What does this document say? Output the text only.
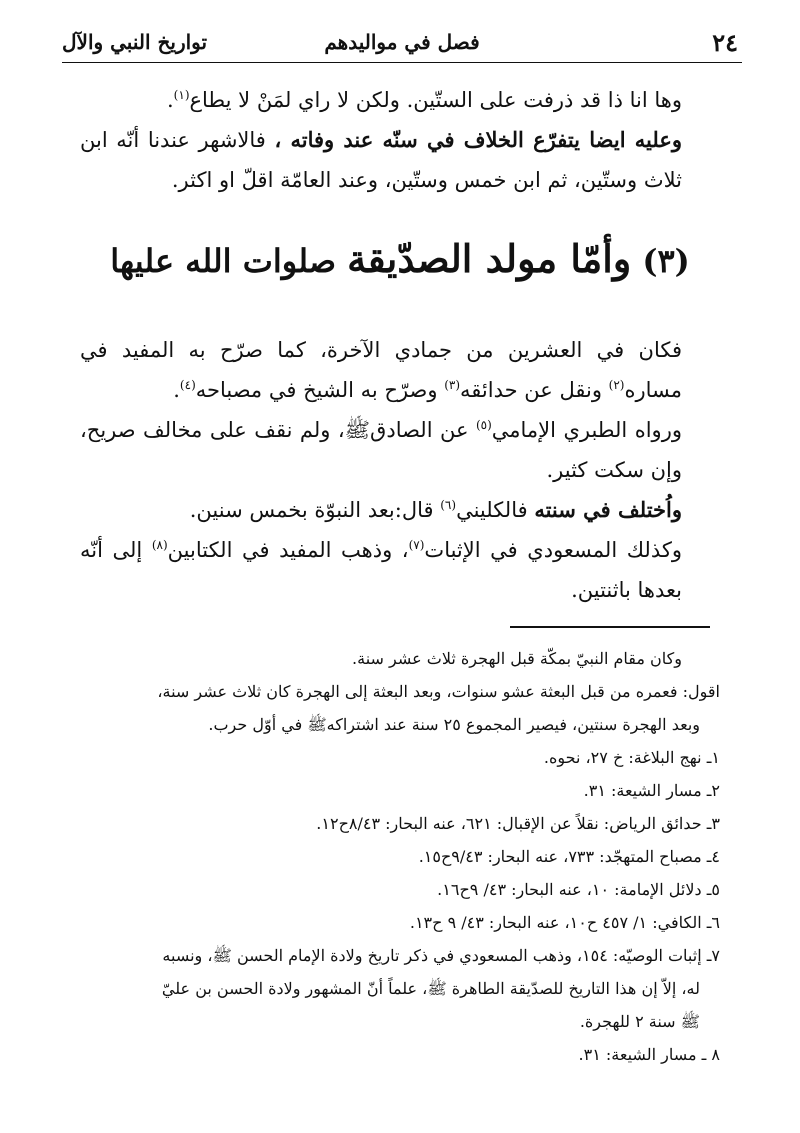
٢٤
فصل في مواليدهم
تواريخ النبي والآل

وها انا ذا قد ذرفت على الستّين. ولكن لا راي لمَنْ لا يطاع$^{(١)}$.

وعليه ايضا يتفرّع الخلاف في سنّه عند وفاته ، فالاشهر عندنا أنّه ابن ثلاث وستّين، ثم ابن خمس وستّين، وعند العامّة اقلّ او اكثر.

(٣) وأمّا مولد الصدّيقة صلوات الله عليها

فكان في العشرين من جمادي الآخرة، كما صرّح به المفيد في مساره$^{(٢)}$ ونقل عن حدائقه$^{(٣)}$ وصرّح به الشيخ في مصباحه$^{(٤)}$.

ورواه الطبري الإمامي$^{(٥)}$ عن الصادقﷺ، ولم نقف على مخالف صريح، وإن سكت كثير.

واُختلف في سنته فالكليني$^{(٦)}$ قال:بعد النبوّة بخمس سنين.

وكذلك المسعودي في الإثبات$^{(٧)}$، وذهب المفيد في الكتابين$^{(٨)}$ إلى أنّه بعدها باثنتين.

وكان مقام النبيّ بمكّة قبل الهجرة ثلاث عشر سنة.

اقول: فعمره من قبل البعثة عشو سنوات، وبعد البعثة إلى الهجرة كان ثلاث عشر سنة،

وبعد الهجرة سنتين، فيصير المجموع ٢٥ سنة عند اشتراكهﷺ في أوّل حرب.

١ـ نهج البلاغة: خ ٢٧، نحوه.

٢ـ مسار الشيعة: ٣١.

٣ـ حدائق الرياض: نقلاً عن الإقبال: ٦٢١، عنه البحار: ٨/٤٣ح١٢.

٤ـ مصباح المتهجّد: ٧٣٣، عنه البحار: ٩/٤٣ح١٥.

٥ـ دلائل الإمامة: ١٠، عنه البحار: ٤٣/ ٩ح١٦.

٦ـ الكافي: ١/ ٤٥٧ ح١٠، عنه البحار: ٤٣/ ٩ ح١٣.

٧ـ إثبات الوصيّه: ١٥٤، وذهب المسعودي في ذكر تاريخ ولادة الإمام الحسن ﷺ، ونسبه

له، إلاّ إن هذا التاريخ للصدّيقة الطاهرة ﷺ، علماً أنّ المشهور ولادة الحسن بن عليّ

ﷺ سنة ٢ للهجرة.

٨ ـ مسار الشيعة: ٣١.
